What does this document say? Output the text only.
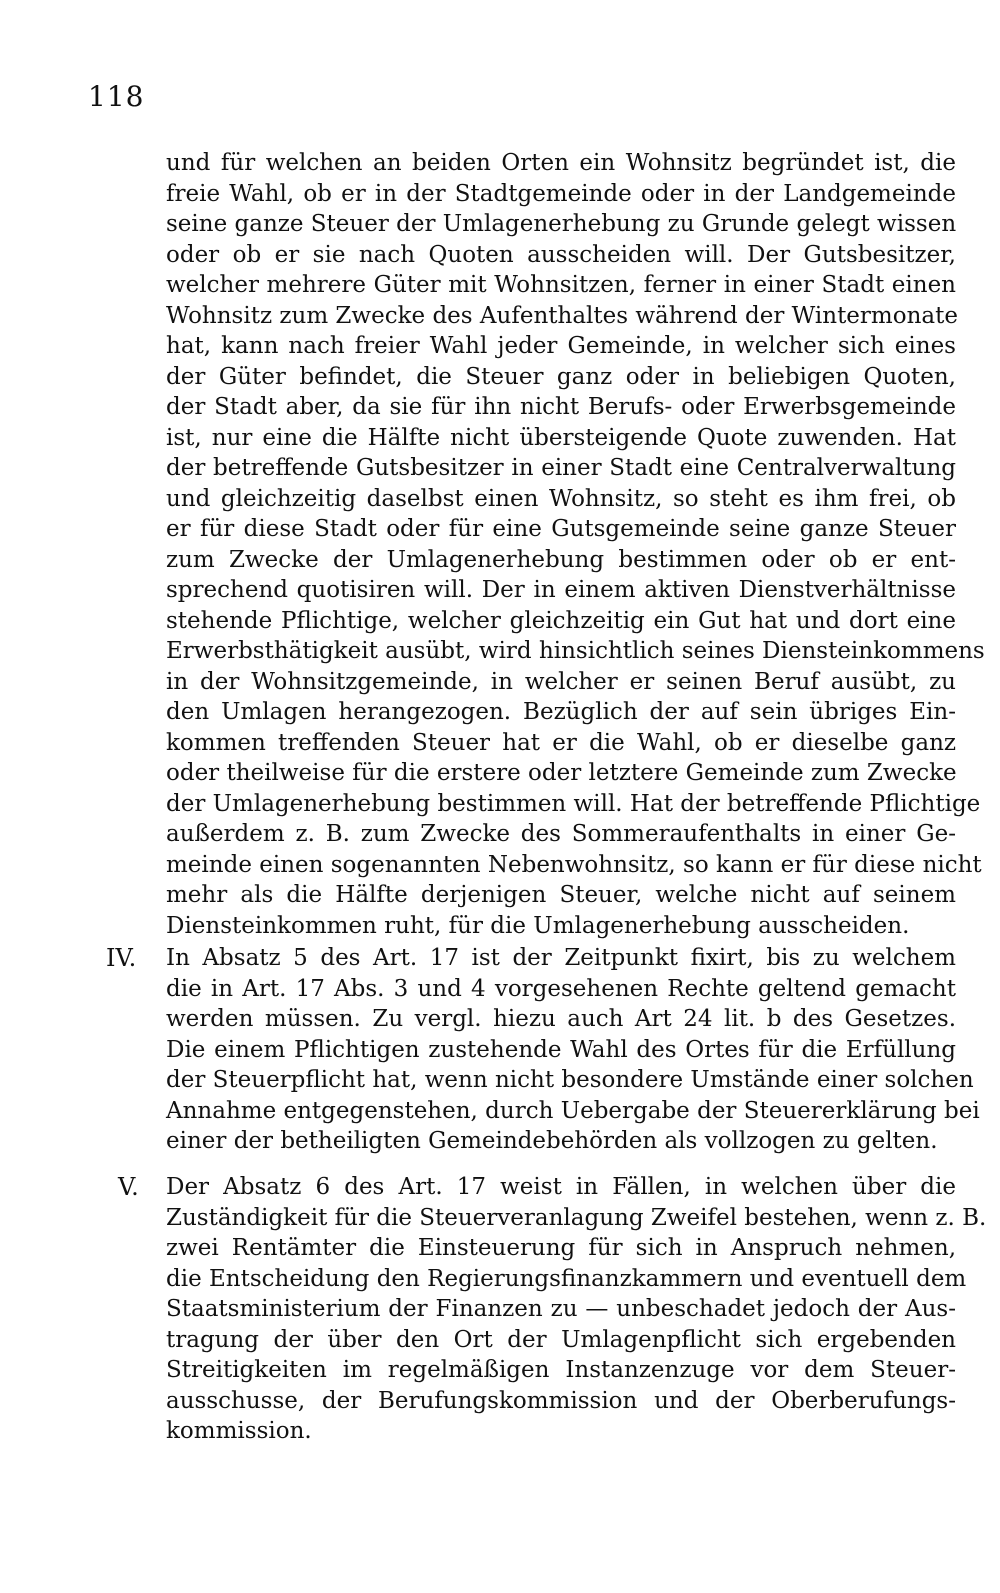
118
IV.
V.
und für welchen an beiden Orten ein Wohnsitz begründet ist, die
freie Wahl, ob er in der Stadtgemeinde oder in der Landgemeinde
seine ganze Steuer der Umlagenerhebung zu Grunde gelegt wissen
oder ob er sie nach Quoten ausscheiden will. Der Gutsbesitzer,
welcher mehrere Güter mit Wohnsitzen, ferner in einer Stadt einen
Wohnsitz zum Zwecke des Aufenthaltes während der Wintermonate
hat, kann nach freier Wahl jeder Gemeinde, in welcher sich eines
der Güter befindet, die Steuer ganz oder in beliebigen Quoten,
der Stadt aber, da sie für ihn nicht Berufs- oder Erwerbsgemeinde
ist, nur eine die Hälfte nicht übersteigende Quote zuwenden. Hat
der betreffende Gutsbesitzer in einer Stadt eine Centralverwaltung
und gleichzeitig daselbst einen Wohnsitz, so steht es ihm frei, ob
er für diese Stadt oder für eine Gutsgemeinde seine ganze Steuer
zum Zwecke der Umlagenerhebung bestimmen oder ob er ent-
sprechend quotisiren will. Der in einem aktiven Dienstverhältnisse
stehende Pflichtige, welcher gleichzeitig ein Gut hat und dort eine
Erwerbsthätigkeit ausübt, wird hinsichtlich seines Diensteinkommens
in der Wohnsitzgemeinde, in welcher er seinen Beruf ausübt, zu
den Umlagen herangezogen. Bezüglich der auf sein übriges Ein-
kommen treffenden Steuer hat er die Wahl, ob er dieselbe ganz
oder theilweise für die erstere oder letztere Gemeinde zum Zwecke
der Umlagenerhebung bestimmen will. Hat der betreffende Pflichtige
außerdem z. B. zum Zwecke des Sommeraufenthalts in einer Ge-
meinde einen sogenannten Nebenwohnsitz, so kann er für diese nicht
mehr als die Hälfte derjenigen Steuer, welche nicht auf seinem
Diensteinkommen ruht, für die Umlagenerhebung ausscheiden.
In Absatz 5 des Art. 17 ist der Zeitpunkt fixirt, bis zu welchem
die in Art. 17 Abs. 3 und 4 vorgesehenen Rechte geltend gemacht
werden müssen. Zu vergl. hiezu auch Art 24 lit. b des Gesetzes.
Die einem Pflichtigen zustehende Wahl des Ortes für die Erfüllung
der Steuerpflicht hat, wenn nicht besondere Umstände einer solchen
Annahme entgegenstehen, durch Uebergabe der Steuererklärung bei
einer der betheiligten Gemeindebehörden als vollzogen zu gelten.
Der Absatz 6 des Art. 17 weist in Fällen, in welchen über die
Zuständigkeit für die Steuerveranlagung Zweifel bestehen, wenn z. B.
zwei Rentämter die Einsteuerung für sich in Anspruch nehmen,
die Entscheidung den Regierungsfinanzkammern und eventuell dem
Staatsministerium der Finanzen zu — unbeschadet jedoch der Aus-
tragung der über den Ort der Umlagenpflicht sich ergebenden
Streitigkeiten im regelmäßigen Instanzenzuge vor dem Steuer-
ausschusse, der Berufungskommission und der Oberberufungs-
kommission.
